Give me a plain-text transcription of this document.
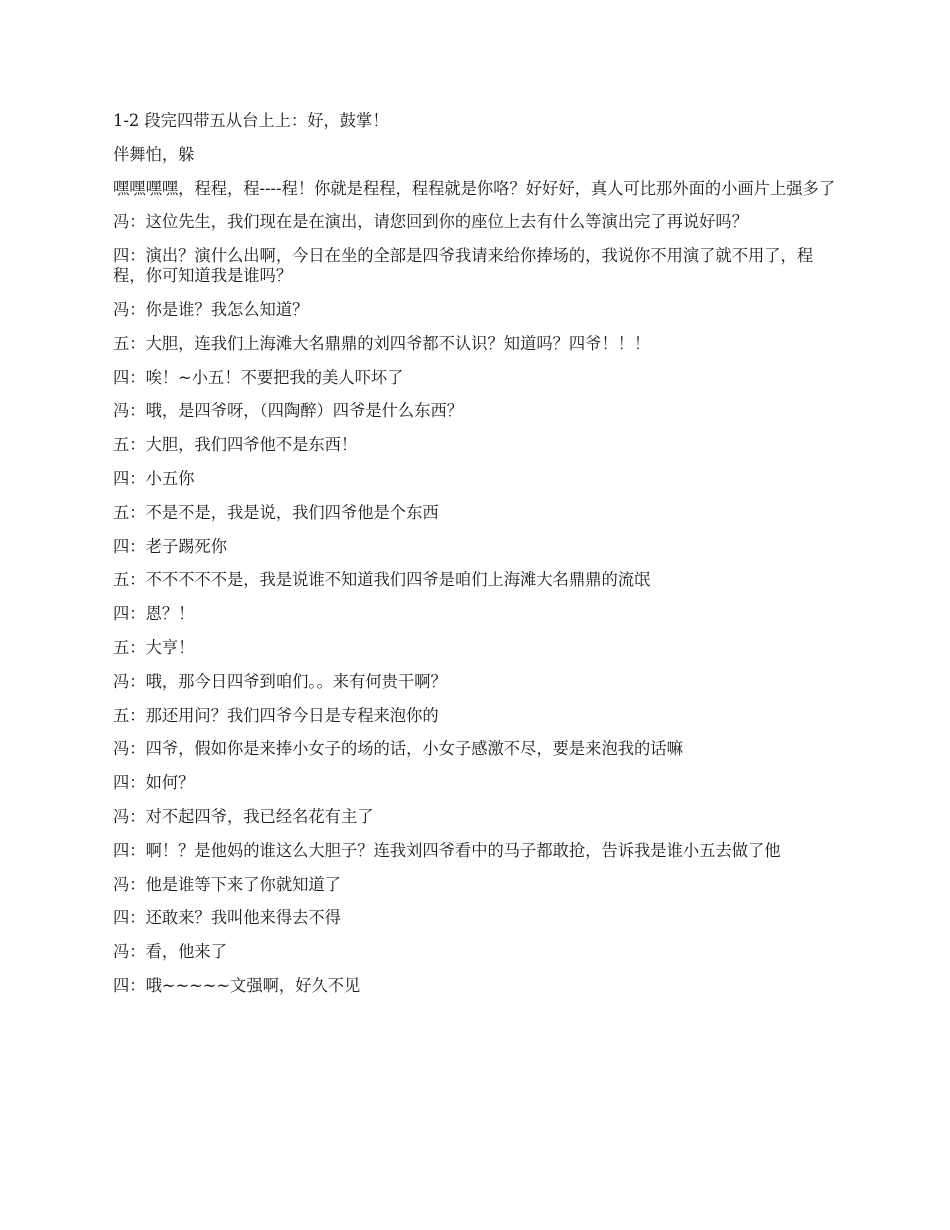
1-2 段完四带五从台上上：好，鼓掌！

伴舞怕，躲

嘿嘿嘿嘿，程程，程----程！你就是程程，程程就是你咯？好好好，真人可比那外面的小画片上强多了

冯：这位先生，我们现在是在演出，请您回到你的座位上去有什么等演出完了再说好吗？

四：演出？演什么出啊，今日在坐的全部是四爷我请来给你捧场的，我说你不用演了就不用了，程程，你可知道我是谁吗？

冯：你是谁？我怎么知道？

五：大胆，连我们上海滩大名鼎鼎的刘四爷都不认识？知道吗？四爷！！！

四：唉！~小五！不要把我的美人吓坏了

冯：哦，是四爷呀，（四陶醉）四爷是什么东西？

五：大胆，我们四爷他不是东西！

四：小五你

五：不是不是，我是说，我们四爷他是个东西

四：老子踢死你

五：不不不不不是，我是说谁不知道我们四爷是咱们上海滩大名鼎鼎的流氓

四：恩？！

五：大亨！

冯：哦，那今日四爷到咱们。。来有何贵干啊？

五：那还用问？我们四爷今日是专程来泡你的

冯：四爷，假如你是来捧小女子的场的话，小女子感激不尽，要是来泡我的话嘛

四：如何？

冯：对不起四爷，我已经名花有主了

四：啊！？是他妈的谁这么大胆子？连我刘四爷看中的马子都敢抢，告诉我是谁小五去做了他

冯：他是谁等下来了你就知道了

四：还敢来？我叫他来得去不得

冯：看，他来了

四：哦~~~~~文强啊，好久不见
